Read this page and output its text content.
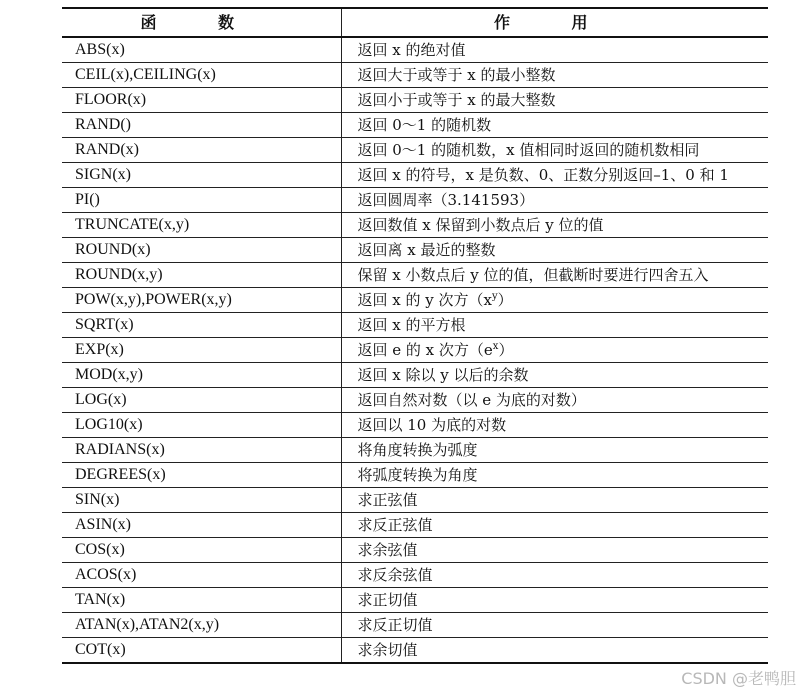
函 数	作 用
ABS(x)	返回 x 的绝对值
CEIL(x),CEILING(x)	返回大于或等于 x 的最小整数
FLOOR(x)	返回小于或等于 x 的最大整数
RAND()	返回 0～1 的随机数
RAND(x)	返回 0～1 的随机数，x 值相同时返回的随机数相同
SIGN(x)	返回 x 的符号，x 是负数、0、正数分别返回–1、0 和 1
PI()	返回圆周率（3.141593）
TRUNCATE(x,y)	返回数值 x 保留到小数点后 y 位的值
ROUND(x)	返回离 x 最近的整数
ROUND(x,y)	保留 x 小数点后 y 位的值，但截断时要进行四舍五入
POW(x,y),POWER(x,y)	返回 x 的 y 次方$(x^y)$
SQRT(x)	返回 x 的平方根
EXP(x)	返回 e 的 x 次方$(e^x)$
MOD(x,y)	返回 x 除以 y 以后的余数
LOG(x)	返回自然对数（以 e 为底的对数）
LOG10(x)	返回以 10 为底的对数
RADIANS(x)	将角度转换为弧度
DEGREES(x)	将弧度转换为角度
SIN(x)	求正弦值
ASIN(x)	求反正弦值
COS(x)	求余弦值
ACOS(x)	求反余弦值
TAN(x)	求正切值
ATAN(x),ATAN2(x,y)	求反正切值
COT(x)	求余切值
CSDN @老鸭胆
